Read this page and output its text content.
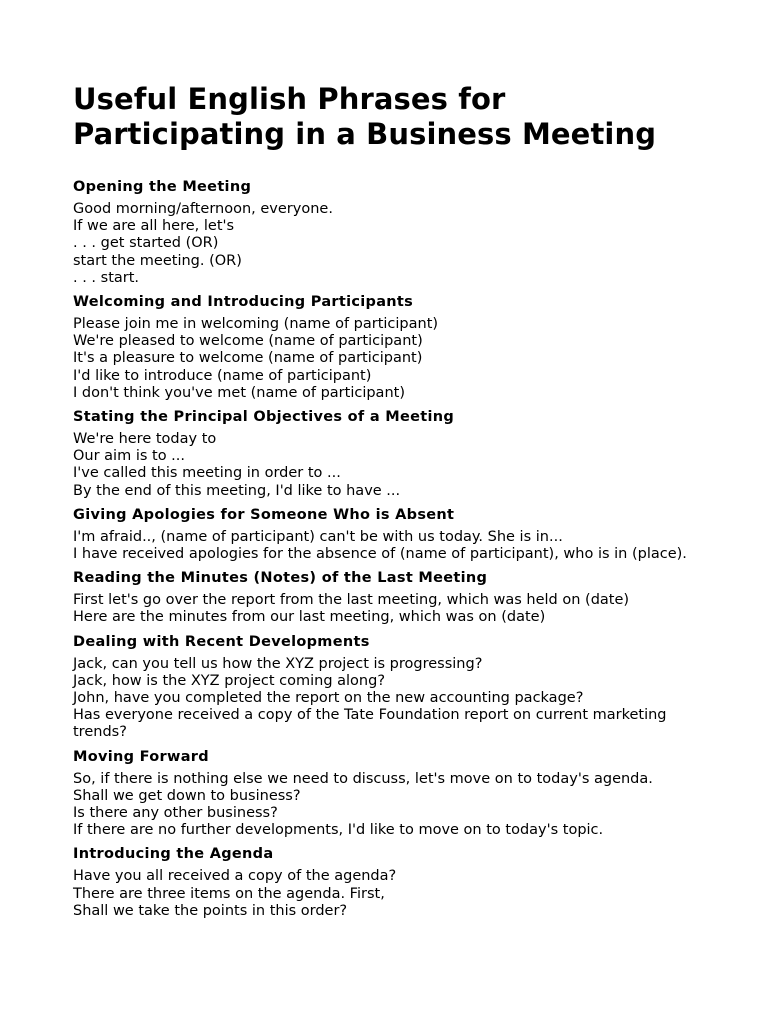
Useful English Phrases for
Participating in a Business Meeting
Opening the Meeting
Good morning/afternoon, everyone.
If we are all here, let's
. . . get started (OR)
start the meeting. (OR)
. . . start.
Welcoming and Introducing Participants
Please join me in welcoming (name of participant)
We're pleased to welcome (name of participant)
It's a pleasure to welcome (name of participant)
I'd like to introduce (name of participant)
I don't think you've met (name of participant)
Stating the Principal Objectives of a Meeting
We're here today to
Our aim is to ...
I've called this meeting in order to ...
By the end of this meeting, I'd like to have ...
Giving Apologies for Someone Who is Absent
I'm afraid.., (name of participant) can't be with us today. She is in...
I have received apologies for the absence of (name of participant), who is in (place).
Reading the Minutes (Notes) of the Last Meeting
First let's go over the report from the last meeting, which was held on (date)
Here are the minutes from our last meeting, which was on (date)
Dealing with Recent Developments
Jack, can you tell us how the XYZ project is progressing?
Jack, how is the XYZ project coming along?
John, have you completed the report on the new accounting package?
Has everyone received a copy of the Tate Foundation report on current marketing trends?
Moving Forward
So, if there is nothing else we need to discuss, let's move on to today's agenda.
Shall we get down to business?
Is there any other business?
If there are no further developments, I'd like to move on to today's topic.
Introducing the Agenda
Have you all received a copy of the agenda?
There are three items on the agenda. First,
Shall we take the points in this order?
